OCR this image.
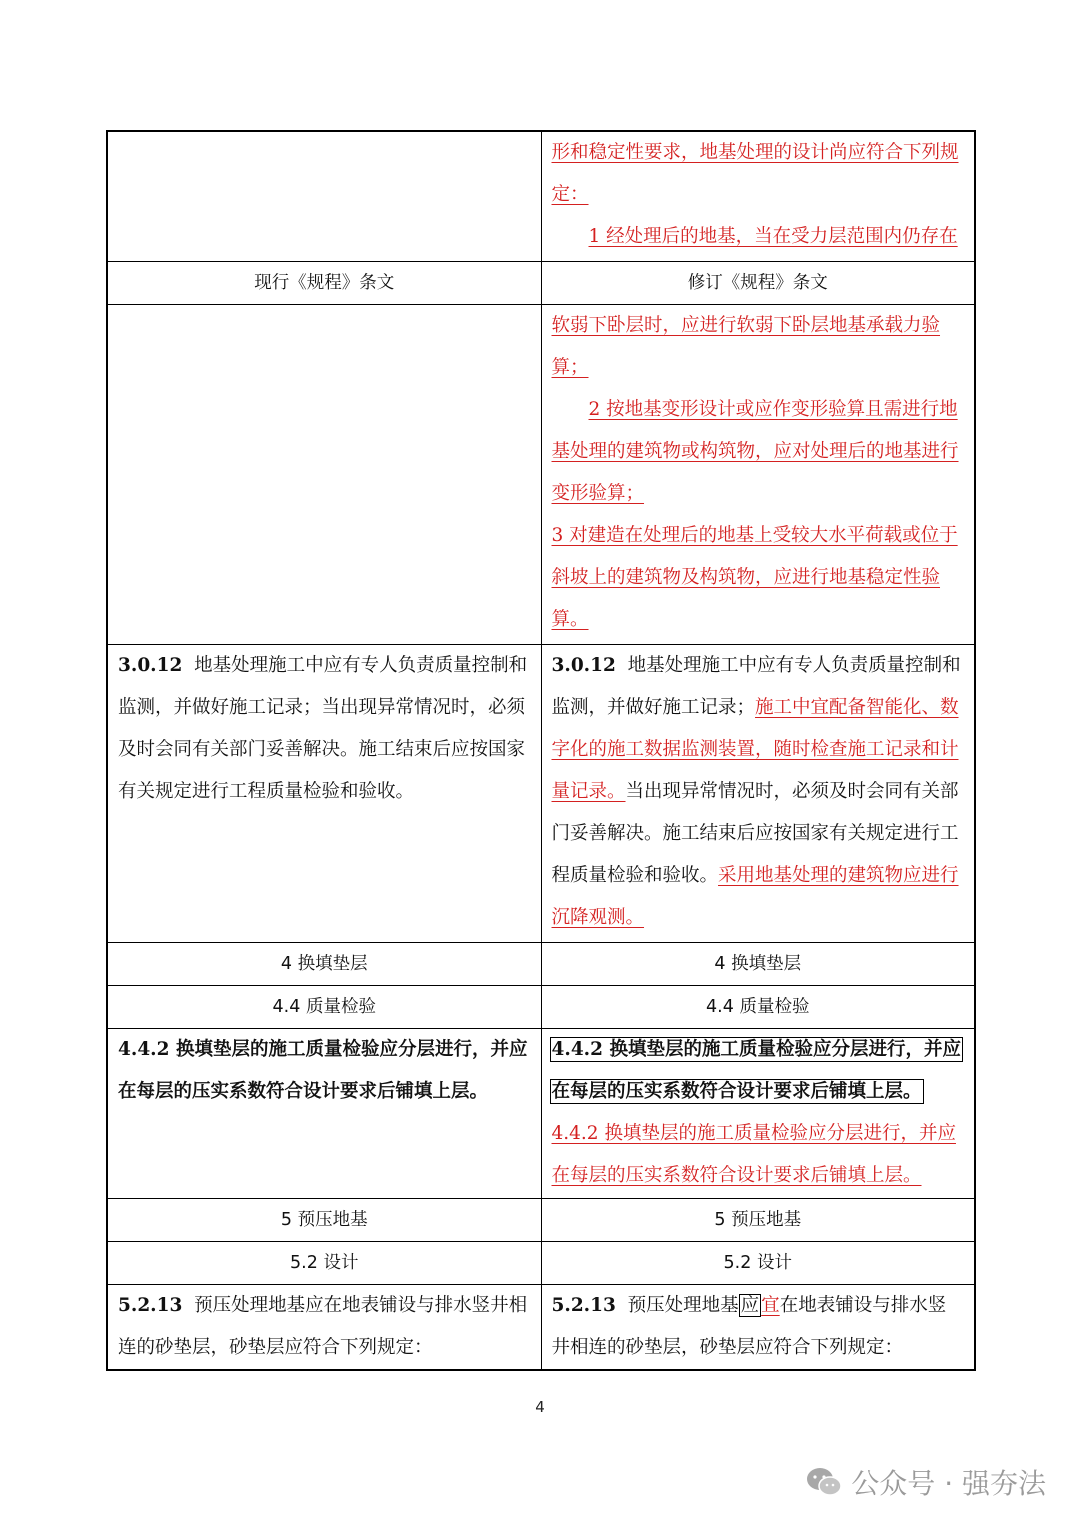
	形和稳定性要求，地基处理的设计尚应符合下列规定：
1 经处理后的地基，当在受力层范围内仍存在
现行《规程》条文	修订《规程》条文
	软弱下卧层时，应进行软弱下卧层地基承载力验算；
2 按地基变形设计或应作变形验算且需进行地基处理的建筑物或构筑物，应对处理后的地基进行变形验算；
3 对建造在处理后的地基上受较大水平荷载或位于斜坡上的建筑物及构筑物，应进行地基稳定性验算。
3.0.12 地基处理施工中应有专人负责质量控制和监测，并做好施工记录；当出现异常情况时，必须及时会同有关部门妥善解决。施工结束后应按国家有关规定进行工程质量检验和验收。	3.0.12 地基处理施工中应有专人负责质量控制和监测，并做好施工记录；施工中宜配备智能化、数字化的施工数据监测装置，随时检查施工记录和计量记录。当出现异常情况时，必须及时会同有关部门妥善解决。施工结束后应按国家有关规定进行工程质量检验和验收。采用地基处理的建筑物应进行沉降观测。
4 换填垫层	4 换填垫层
4.4 质量检验	4.4 质量检验
4.4.2 换填垫层的施工质量检验应分层进行，并应在每层的压实系数符合设计要求后铺填上层。	4.4.2 换填垫层的施工质量检验应分层进行，并应
在每层的压实系数符合设计要求后铺填上层。
4.4.2 换填垫层的施工质量检验应分层进行，并应在每层的压实系数符合设计要求后铺填上层。
5 预压地基	5 预压地基
5.2 设计	5.2 设计
5.2.13 预压处理地基应在地表铺设与排水竖井相连的砂垫层，砂垫层应符合下列规定：	5.2.13 预压处理地基 应 宜在地表铺设与排水竖井相连的砂垫层，砂垫层应符合下列规定：
4
公众号 · 强夯法
